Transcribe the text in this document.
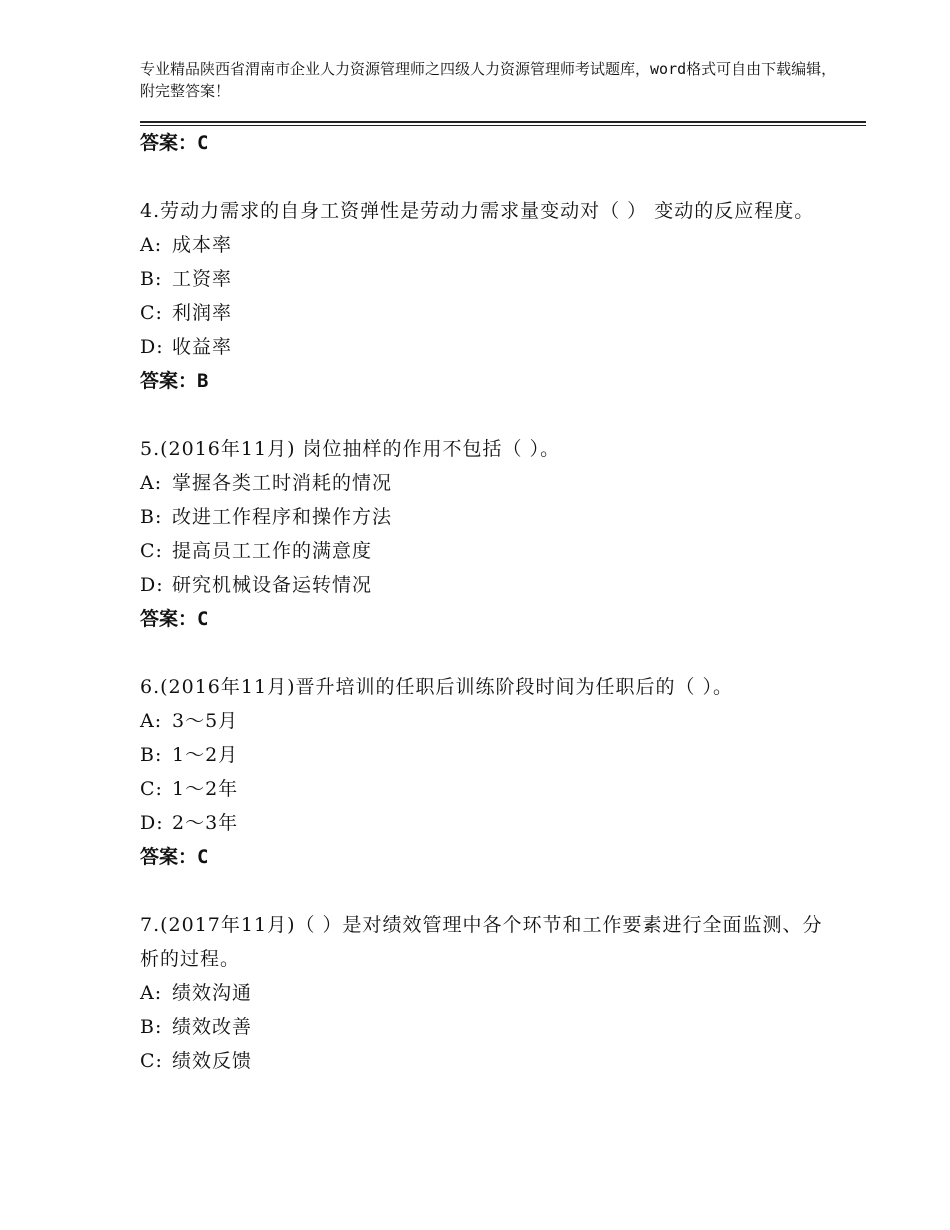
专业精品陕西省渭南市企业人力资源管理师之四级人力资源管理师考试题库，word格式可自由下载编辑，附完整答案！
答案：C

4.劳动力需求的自身工资弹性是劳动力需求量变动对（ ） 变动的反应程度。

A: 成本率

B: 工资率

C: 利润率

D: 收益率

答案：B

5.(2016年11月) 岗位抽样的作用不包括（ ）。

A: 掌握各类工时消耗的情况

B: 改进工作程序和操作方法

C: 提高员工工作的满意度

D: 研究机械设备运转情况

答案：C

6.(2016年11月)晋升培训的任职后训练阶段时间为任职后的（ ）。

A: 3～5月

B: 1～2月

C: 1～2年

D: 2～3年

答案：C

7.(2017年11月)（ ）是对绩效管理中各个环节和工作要素进行全面监测、分析的过程。

A: 绩效沟通

B: 绩效改善

C: 绩效反馈
